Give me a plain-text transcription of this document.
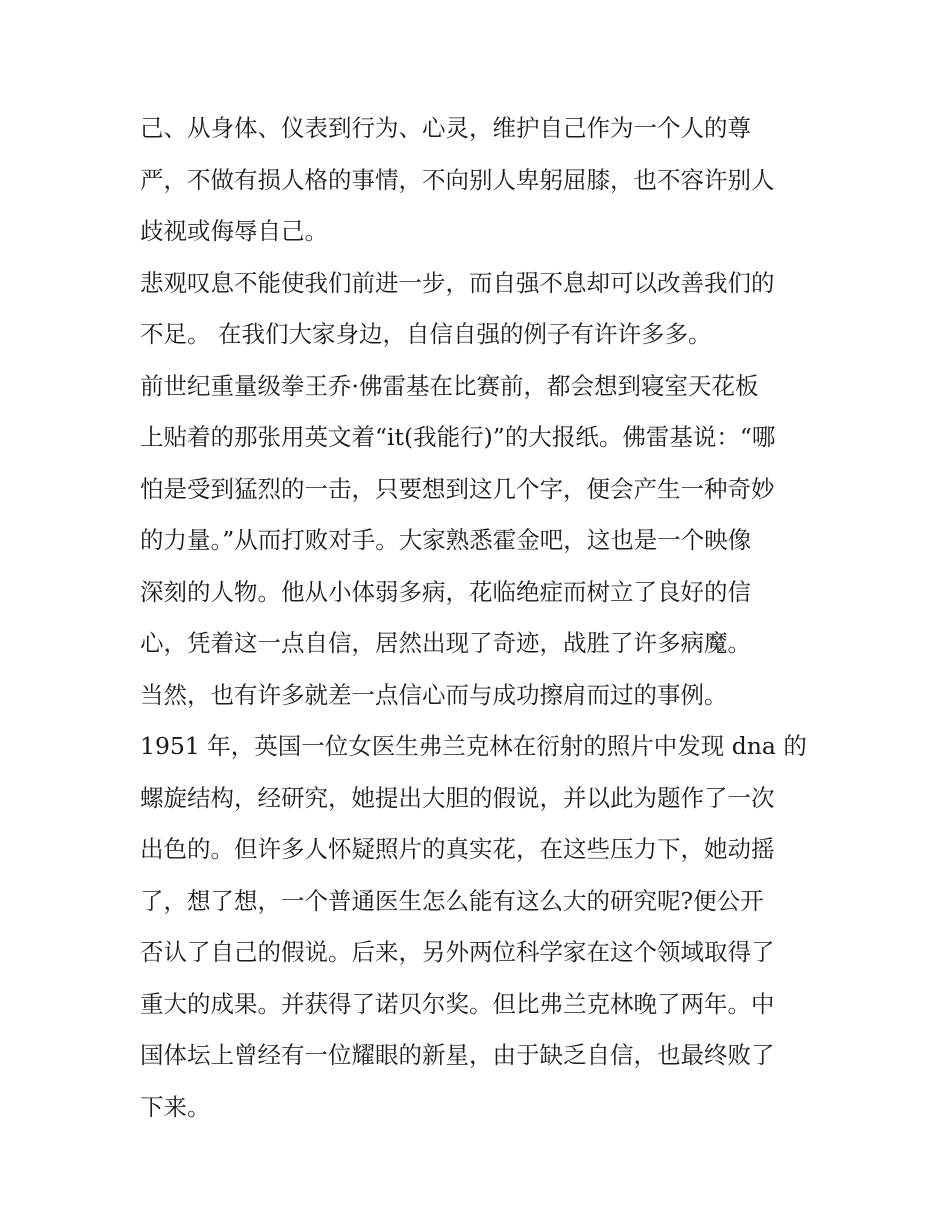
己、从身体、仪表到行为、心灵，维护自己作为一个人的尊
严，不做有损人格的事情，不向别人卑躬屈膝，也不容许别人
歧视或侮辱自己。
悲观叹息不能使我们前进一步，而自强不息却可以改善我们的
不足。 在我们大家身边，自信自强的例子有许许多多。
前世纪重量级拳王乔·佛雷基在比赛前，都会想到寝室天花板
上贴着的那张用英文着“it(我能行)”的大报纸。佛雷基说：“哪
怕是受到猛烈的一击，只要想到这几个字，便会产生一种奇妙
的力量。”从而打败对手。大家熟悉霍金吧，这也是一个映像
深刻的人物。他从小体弱多病，花临绝症而树立了良好的信
心，凭着这一点自信，居然出现了奇迹，战胜了许多病魔。
当然，也有许多就差一点信心而与成功擦肩而过的事例。
1951 年，英国一位女医生弗兰克林在衍射的照片中发现 dna 的
螺旋结构，经研究，她提出大胆的假说，并以此为题作了一次
出色的。但许多人怀疑照片的真实花，在这些压力下，她动摇
了，想了想，一个普通医生怎么能有这么大的研究呢?便公开
否认了自己的假说。后来，另外两位科学家在这个领域取得了
重大的成果。并获得了诺贝尔奖。但比弗兰克林晚了两年。中
国体坛上曾经有一位耀眼的新星，由于缺乏自信，也最终败了
下来。
